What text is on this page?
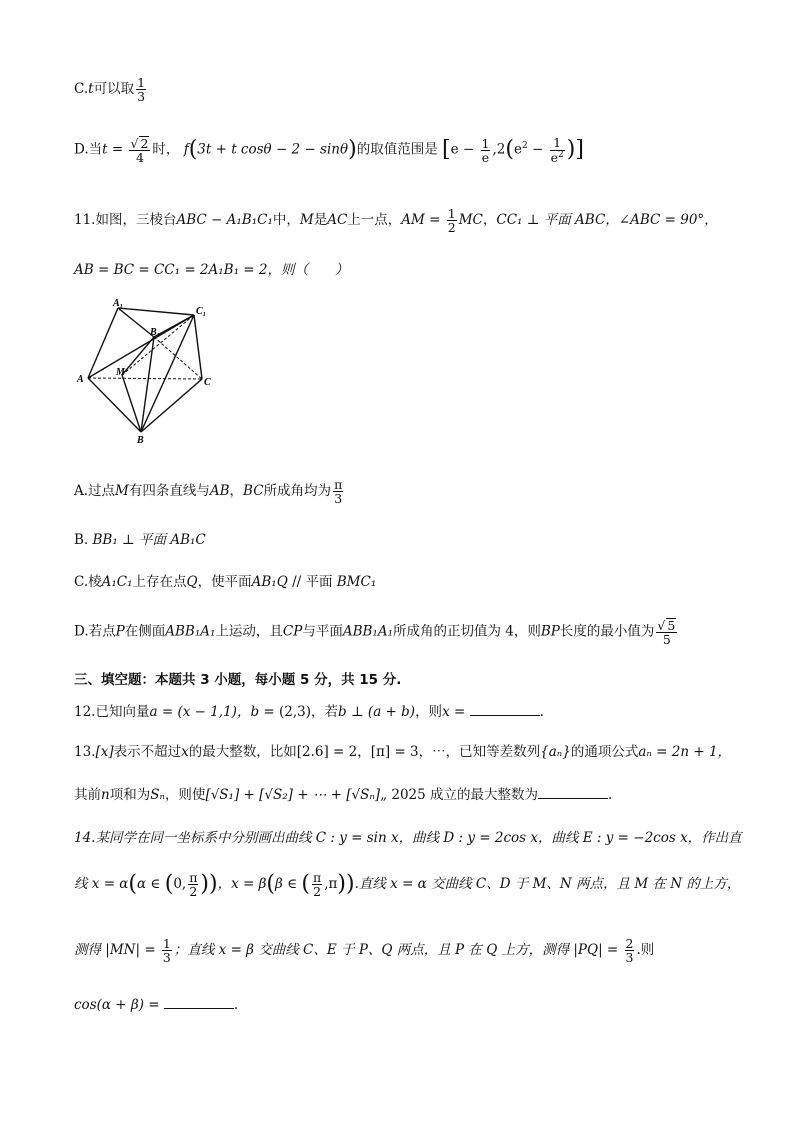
C.t可以取 $\frac{1}{3}$
D.当$t = \frac{√ 2}{4}$ 时， f(3t + t cosθ − 2 − sinθ)的取值范围是 [$e - \frac{1}{e} ,2(e^2 - \frac{1}{e^2}$ )]
11.如图，三棱台ABC − A₁B₁C₁中，M是AC上一点，AM = $\frac{1}{2}$ MC，CC₁ ⊥ 平面 ABC，∠ABC = 90°，
AB = BC = CC₁ = 2A₁B₁ = 2，则（　　）
A₁
C₁
B₁
A
M
C
B
A.过点M有四条直线与AB，BC所成角均为 $\frac{\pi}{3}$
B. BB₁ ⊥ 平面 AB₁C
C.棱A₁C₁上存在点Q，使平面AB₁Q // 平面 BMC₁
D.若点P在侧面ABB₁A₁上运动，且CP与平面ABB₁A₁所成角的正切值为 4，则BP长度的最小值为 $\frac{√ 5}{5}$
三、填空题：本题共 3 小题，每小题 5 分，共 15 分.
12.已知向量a = (x − 1,1)，b = (2,3)，若b ⊥ (a + b)，则x =	.
13.[x]表示不超过x的最大整数，比如[2.6] = 2，[π] = 3，⋯，已知等差数列{aₙ}的通项公式aₙ = 2n + 1，
其前n项和为Sₙ，则使[√S₁] + [√S₂] + ⋯ + [√Sₙ]„ 2025 成立的最大整数为	.
14.某同学在同一坐标系中分别画出曲线 C : y = sin x，曲线 D : y = 2cos x，曲线 E : y = −2cos x，作出直
线 x = α(α ∈ (0, $\frac{\pi}{2}$ ))，x = β(β ∈ ( $\frac{\pi}{2} ,\pi$)).直线 x = α 交曲线 C、D 于 M、N 两点，且 M 在 N 的上方，
测得 $|MN| = \frac{1}{3}$ ；直线 x = β 交曲线 C、E 于 P、Q 两点，且 P 在 Q 上方，测得 $|PQ| = \frac{2}{3}$ .则
cos(α + β) =	.
